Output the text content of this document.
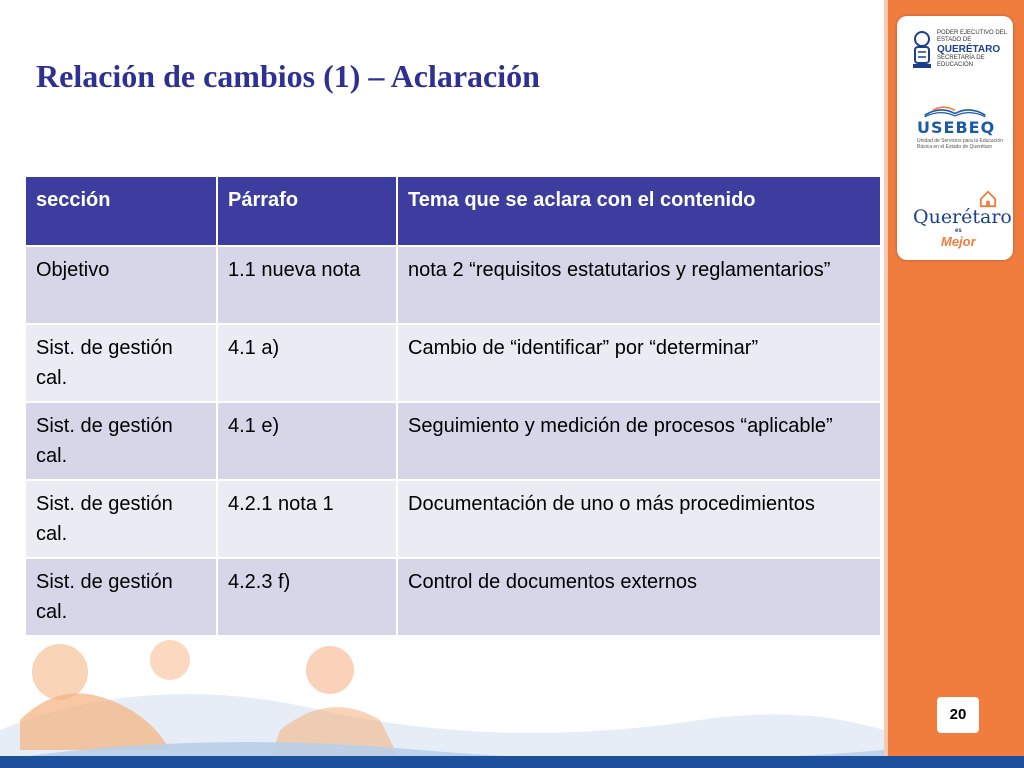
PODER EJECUTIVO DEL ESTADO DE
QUERÉTARO
SECRETARÍA DE EDUCACIÓN
USEBEQ
Unidad de Servicios para la Educación Básica en el Estado de Querétaro
Querétaro
es
Mejor
Relación de cambios (1) – Aclaración
sección	Párrafo	Tema que se aclara con el contenido
Objetivo	1.1 nueva nota	nota 2 “requisitos estatutarios y reglamentarios”
Sist. de gestión cal.	4.1 a)	Cambio de “identificar” por “determinar”
Sist. de gestión cal.	4.1 e)	Seguimiento y medición de procesos “aplicable”
Sist. de gestión cal.	4.2.1 nota 1	Documentación de uno o más procedimientos
Sist. de gestión cal.	4.2.3 f)	Control de documentos externos
20
